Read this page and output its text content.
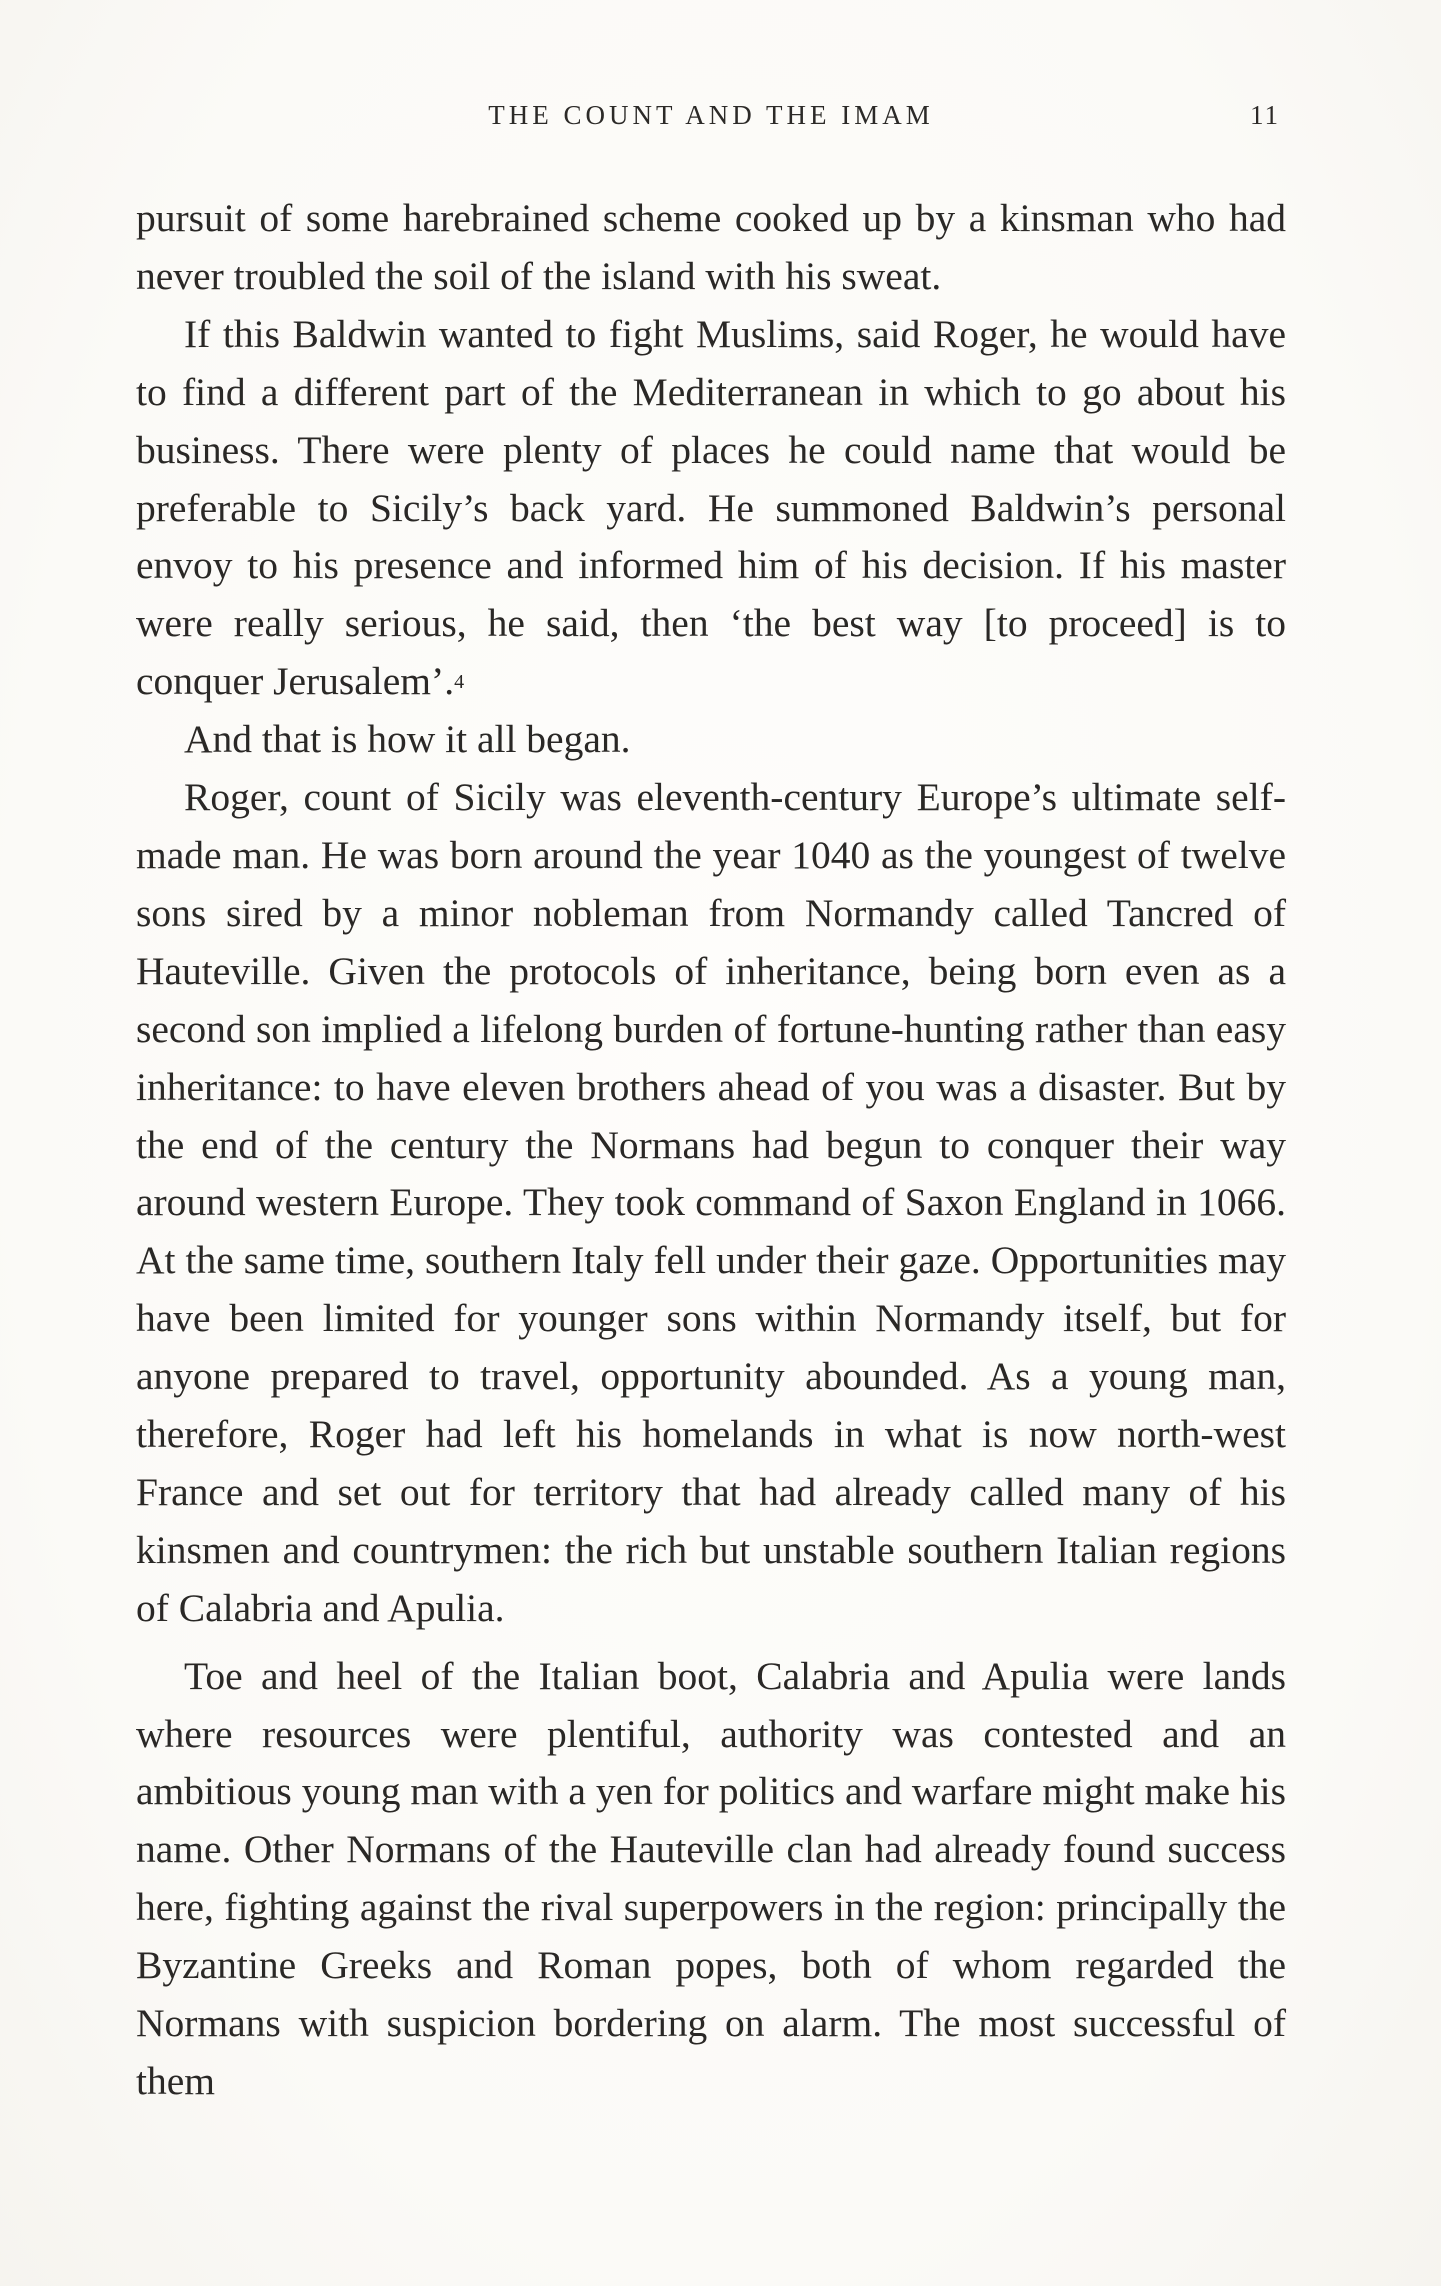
THE COUNT AND THE IMAM	11

pursuit of some harebrained scheme cooked up by a kinsman who had never troubled the soil of the island with his sweat.

If this Baldwin wanted to fight Muslims, said Roger, he would have to find a different part of the Mediterranean in which to go about his business. There were plenty of places he could name that would be preferable to Sicily’s back yard. He summoned Baldwin’s personal envoy to his presence and informed him of his decision. If his master were really serious, he said, then ‘the best way [to proceed] is to conquer Jerusalem’.$^4$

And that is how it all began.

Roger, count of Sicily was eleventh-century Europe’s ultimate self-made man. He was born around the year 1040 as the youngest of twelve sons sired by a minor nobleman from Normandy called Tancred of Hauteville. Given the protocols of inheritance, being born even as a second son implied a lifelong burden of fortune-hunting rather than easy inheritance: to have eleven brothers ahead of you was a disaster. But by the end of the century the Normans had begun to conquer their way around western Europe. They took command of Saxon England in 1066. At the same time, southern Italy fell under their gaze. Opportunities may have been limited for younger sons within Normandy itself, but for anyone prepared to travel, opportunity abounded. As a young man, therefore, Roger had left his homelands in what is now north-west France and set out for territory that had already called many of his kinsmen and countrymen: the rich but unstable southern Italian regions of Calabria and Apulia.

Toe and heel of the Italian boot, Calabria and Apulia were lands where resources were plentiful, authority was contested and an ambitious young man with a yen for politics and warfare might make his name. Other Normans of the Hauteville clan had already found success here, fighting against the rival superpowers in the region: principally the Byzantine Greeks and Roman popes, both of whom regarded the Normans with suspicion bordering on alarm. The most successful of them
